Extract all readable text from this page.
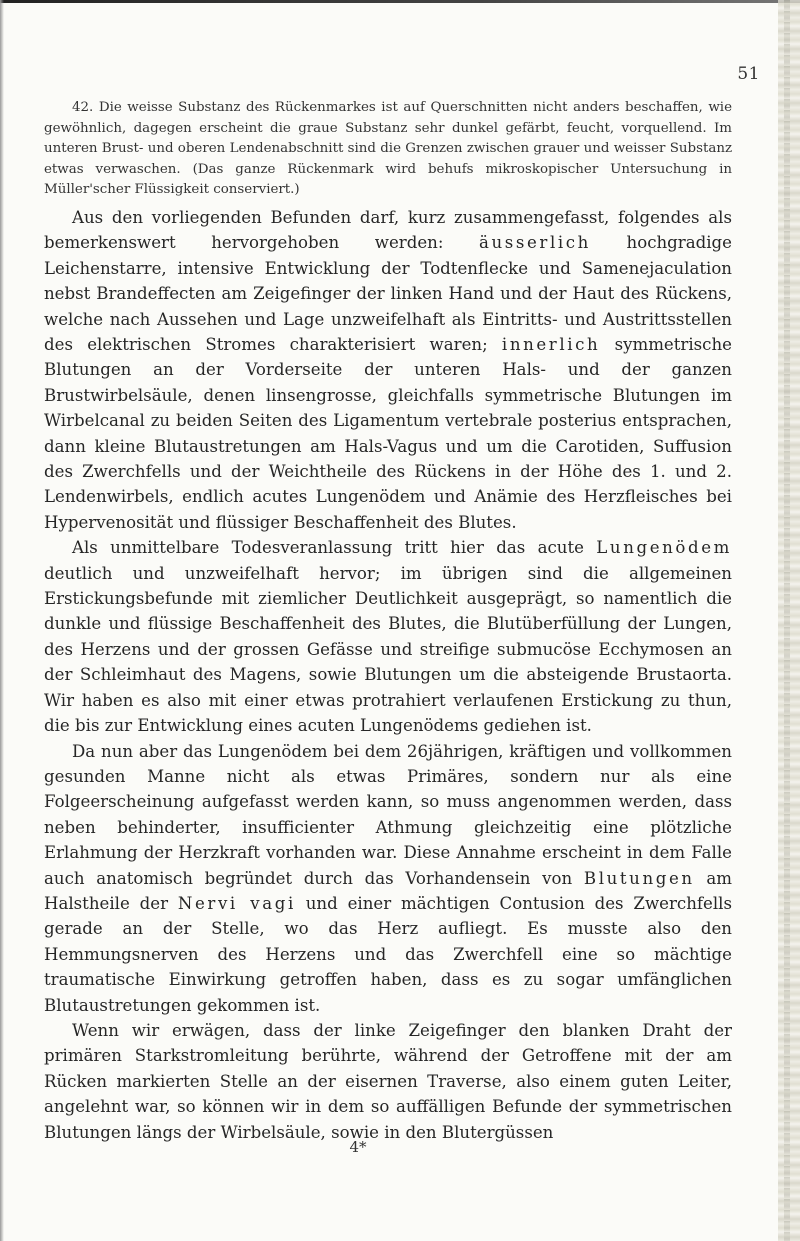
51

42. Die weisse Substanz des Rückenmarkes ist auf Querschnitten nicht anders beschaffen, wie gewöhnlich, dagegen erscheint die graue Substanz sehr dunkel gefärbt, feucht, vorquellend. Im unteren Brust- und oberen Lendenabschnitt sind die Grenzen zwischen grauer und weisser Substanz etwas verwaschen. (Das ganze Rückenmark wird behufs mikroskopischer Untersuchung in Müller'scher Flüssigkeit conserviert.)

Aus den vorliegenden Befunden darf, kurz zusammengefasst, folgendes als bemerkenswert hervorgehoben werden: äusserlich hochgradige Leichenstarre, intensive Entwicklung der Todtenflecke und Samenejaculation nebst Brandeffecten am Zeigefinger der linken Hand und der Haut des Rückens, welche nach Aussehen und Lage unzweifelhaft als Eintritts- und Austrittsstellen des elektrischen Stromes charakterisiert waren; innerlich symmetrische Blutungen an der Vorderseite der unteren Hals- und der ganzen Brustwirbelsäule, denen linsengrosse, gleichfalls symmetrische Blutungen im Wirbelcanal zu beiden Seiten des Ligamentum vertebrale posterius entsprachen, dann kleine Blutaustretungen am Hals-Vagus und um die Carotiden, Suffusion des Zwerchfells und der Weichtheile des Rückens in der Höhe des 1. und 2. Lendenwirbels, endlich acutes Lungenödem und Anämie des Herzfleisches bei Hypervenosität und flüssiger Beschaffenheit des Blutes.

Als unmittelbare Todesveranlassung tritt hier das acute Lungenödem deutlich und unzweifelhaft hervor; im übrigen sind die allgemeinen Erstickungsbefunde mit ziemlicher Deutlichkeit ausgeprägt, so namentlich die dunkle und flüssige Beschaffenheit des Blutes, die Blutüberfüllung der Lungen, des Herzens und der grossen Gefässe und streifige submucöse Ecchymosen an der Schleimhaut des Magens, sowie Blutungen um die absteigende Brustaorta. Wir haben es also mit einer etwas protrahiert verlaufenen Erstickung zu thun, die bis zur Entwicklung eines acuten Lungenödems gediehen ist.

Da nun aber das Lungenödem bei dem 26jährigen, kräftigen und vollkommen gesunden Manne nicht als etwas Primäres, sondern nur als eine Folgeerscheinung aufgefasst werden kann, so muss angenommen werden, dass neben behinderter, insufficienter Athmung gleichzeitig eine plötzliche Erlahmung der Herzkraft vorhanden war. Diese Annahme erscheint in dem Falle auch anatomisch begründet durch das Vorhandensein von Blutungen am Halstheile der Nervi vagi und einer mächtigen Contusion des Zwerchfells gerade an der Stelle, wo das Herz aufliegt. Es musste also den Hemmungsnerven des Herzens und das Zwerchfell eine so mächtige traumatische Einwirkung getroffen haben, dass es zu sogar umfänglichen Blutaustretungen gekommen ist.

Wenn wir erwägen, dass der linke Zeigefinger den blanken Draht der primären Starkstromleitung berührte, während der Getroffene mit der am Rücken markierten Stelle an der eisernen Traverse, also einem guten Leiter, angelehnt war, so können wir in dem so auffälligen Befunde der symmetrischen Blutungen längs der Wirbelsäule, sowie in den Blutergüssen

4*
